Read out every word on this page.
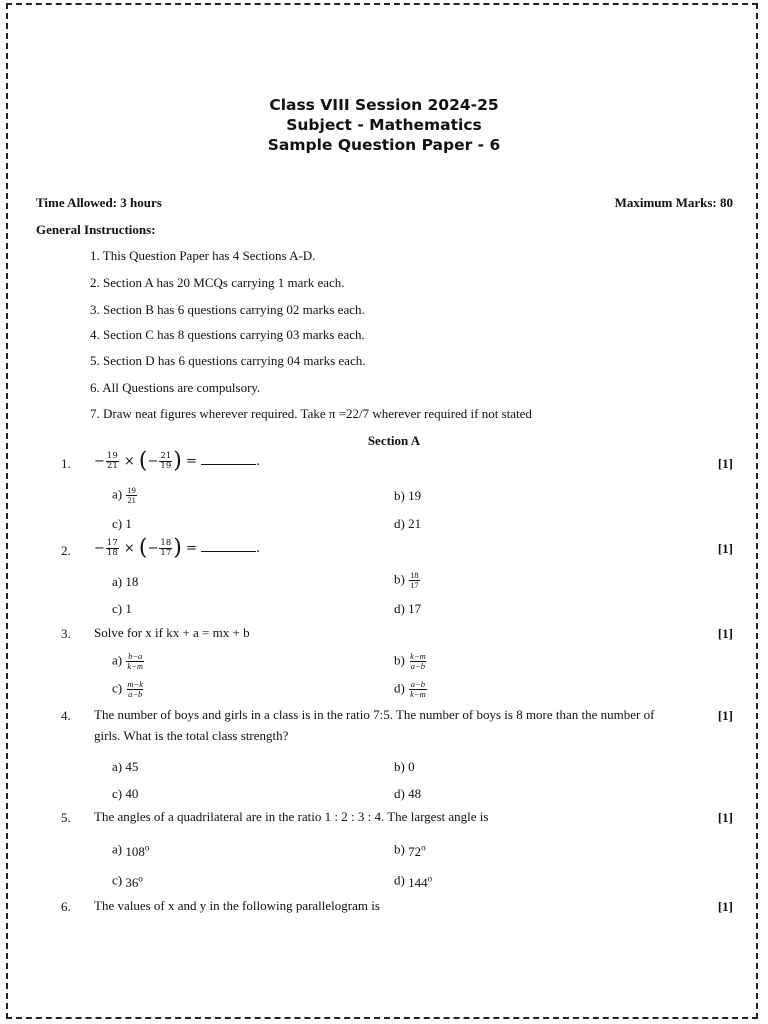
Class VIII Session 2024-25
Subject - Mathematics
Sample Question Paper - 6
Time Allowed: 3 hours	Maximum Marks: 80
General Instructions:
1. This Question Paper has 4 Sections A-D.
2. Section A has 20 MCQs carrying 1 mark each.
3. Section B has 6 questions carrying 02 marks each.
4. Section C has 8 questions carrying 03 marks each.
5. Section D has 6 questions carrying 04 marks each.
6. All Questions are compulsory.
7. Draw neat figures wherever required. Take π =22/7 wherever required if not stated
Section A
1. − $\frac{19}{21}$ × (− $\frac{21}{19}$ ) =	.	[1]
$a) \frac{19}{21}$	b) 19
c) 1	d) 21
2. − $\frac{17}{18}$ × (− $\frac{18}{17}$ ) =	.	[1]
a) 18	$b) \frac{18}{17}$
c) 1	d) 17
3. Solve for x if kx + a = mx + b	[1]
$a) \frac{b-a}{k-m}$	$b) \frac{k-m}{a-b}$
$c) \frac{m-k}{a-b}$	$d) \frac{a-b}{k-m}$
4. The number of boys and girls in a class is in the ratio 7:5. The number of boys is 8 more than the number of
girls. What is the total class strength?
[1]
a) 45	b) 0
c) 40	d) 48
5. The angles of a quadrilateral are in the ratio 1 : 2 : 3 : 4. The largest angle is	[1]
a) 108$^o$	b) 72$^o$
c) 36$^o$	d) 144$^o$
6. The values of x and y in the following parallelogram is	[1]
